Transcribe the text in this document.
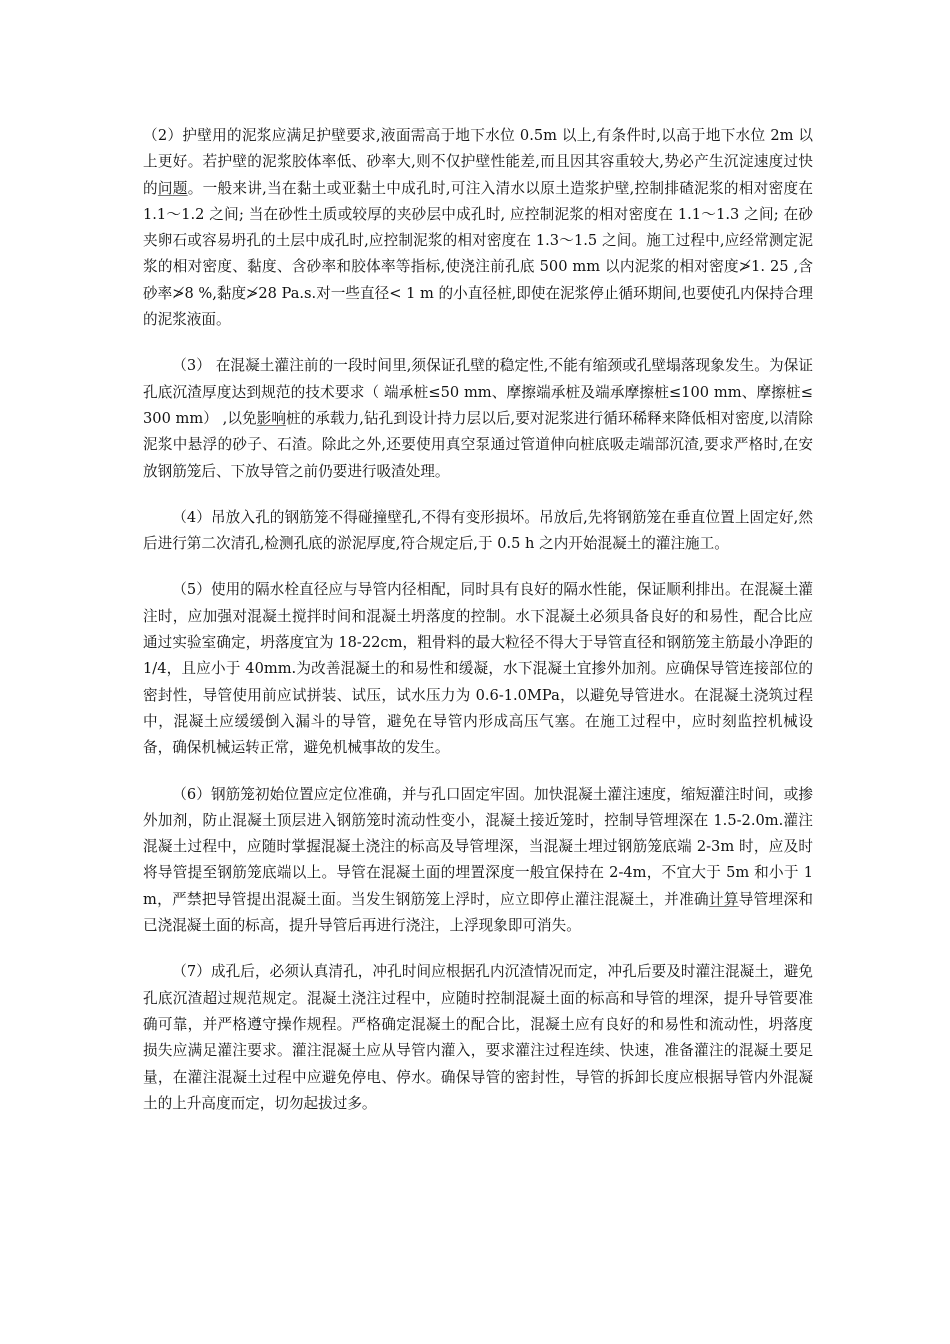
（2）护壁用的泥浆应满足护壁要求,液面需高于地下水位 0.5m 以上,有条件时,以高于地下水位 2m 以上更好。若护壁的泥浆胶体率低、砂率大,则不仅护壁性能差,而且因其容重较大,势必产生沉淀速度过快的问题。一般来讲,当在黏土或亚黏土中成孔时,可注入清水以原土造浆护壁,控制排碴泥浆的相对密度在 1.1～1.2 之间; 当在砂性土质或较厚的夹砂层中成孔时, 应控制泥浆的相对密度在 1.1～1.3 之间; 在砂夹卵石或容易坍孔的土层中成孔时,应控制泥浆的相对密度在 1.3～1.5 之间。施工过程中,应经常测定泥浆的相对密度、黏度、含砂率和胶体率等指标,使浇注前孔底 500 mm 以内泥浆的相对密度≯1. 25 ,含砂率≯8 %,黏度≯28 Pa.s.对一些直径< 1 m 的小直径桩,即使在泥浆停止循环期间,也要使孔内保持合理的泥浆液面。

（3） 在混凝土灌注前的一段时间里,须保证孔壁的稳定性,不能有缩颈或孔壁塌落现象发生。为保证孔底沉渣厚度达到规范的技术要求（ 端承桩≤50 mm、摩擦端承桩及端承摩擦桩≤100 mm、摩擦桩≤300 mm） ,以免影响桩的承载力,钻孔到设计持力层以后,要对泥浆进行循环稀释来降低相对密度,以清除泥浆中悬浮的砂子、石渣。除此之外,还要使用真空泵通过管道伸向桩底吸走端部沉渣,要求严格时,在安放钢筋笼后、下放导管之前仍要进行吸渣处理。

（4）吊放入孔的钢筋笼不得碰撞壁孔,不得有变形损坏。吊放后,先将钢筋笼在垂直位置上固定好,然后进行第二次清孔,检测孔底的淤泥厚度,符合规定后,于 0.5 h 之内开始混凝土的灌注施工。

（5）使用的隔水栓直径应与导管内径相配，同时具有良好的隔水性能，保证顺利排出。在混凝土灌注时，应加强对混凝土搅拌时间和混凝土坍落度的控制。水下混凝土必须具备良好的和易性，配合比应通过实验室确定，坍落度宜为 18-22cm，粗骨料的最大粒径不得大于导管直径和钢筋笼主筋最小净距的 1/4，且应小于 40mm.为改善混凝土的和易性和缓凝，水下混凝土宜掺外加剂。应确保导管连接部位的密封性，导管使用前应试拼装、试压，试水压力为 0.6-1.0MPa，以避免导管进水。在混凝土浇筑过程中，混凝土应缓缓倒入漏斗的导管，避免在导管内形成高压气塞。在施工过程中，应时刻监控机械设备，确保机械运转正常，避免机械事故的发生。

（6）钢筋笼初始位置应定位准确，并与孔口固定牢固。加快混凝土灌注速度，缩短灌注时间，或掺外加剂，防止混凝土顶层进入钢筋笼时流动性变小，混凝土接近笼时，控制导管埋深在 1.5-2.0m.灌注混凝土过程中，应随时掌握混凝土浇注的标高及导管埋深，当混凝土埋过钢筋笼底端 2-3m 时，应及时将导管提至钢筋笼底端以上。导管在混凝土面的埋置深度一般宜保持在 2-4m，不宜大于 5m 和小于 1m，严禁把导管提出混凝土面。当发生钢筋笼上浮时，应立即停止灌注混凝土，并准确计算导管埋深和已浇混凝土面的标高，提升导管后再进行浇注，上浮现象即可消失。

（7）成孔后，必须认真清孔，冲孔时间应根据孔内沉渣情况而定，冲孔后要及时灌注混凝土，避免孔底沉渣超过规范规定。混凝土浇注过程中，应随时控制混凝土面的标高和导管的埋深，提升导管要准确可靠，并严格遵守操作规程。严格确定混凝土的配合比，混凝土应有良好的和易性和流动性，坍落度损失应满足灌注要求。灌注混凝土应从导管内灌入，要求灌注过程连续、快速，准备灌注的混凝土要足量，在灌注混凝土过程中应避免停电、停水。确保导管的密封性，导管的拆卸长度应根据导管内外混凝土的上升高度而定，切勿起拔过多。
